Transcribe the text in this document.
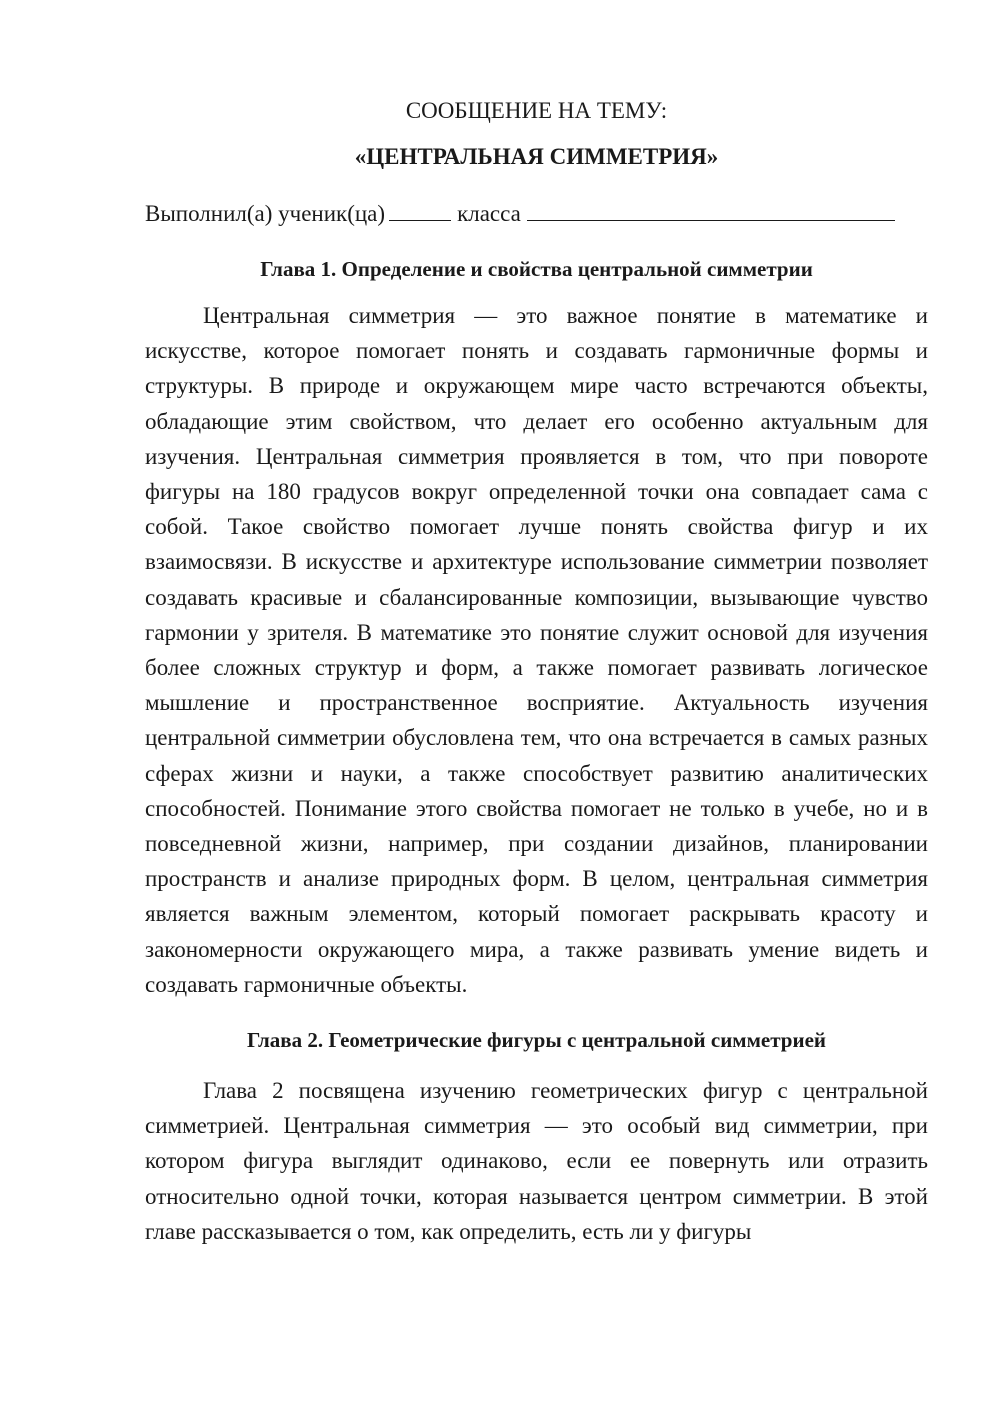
СООБЩЕНИЕ НА ТЕМУ:

«ЦЕНТРАЛЬНАЯ СИММЕТРИЯ»

Выполнил(а) ученик(ца)	класса

Глава 1. Определение и свойства центральной симметрии

Центральная симметрия — это важное понятие в математике и искусстве, которое помогает понять и создавать гармоничные формы и структуры. В природе и окружающем мире часто встречаются объекты, обладающие этим свойством, что делает его особенно актуальным для изучения. Центральная симметрия проявляется в том, что при повороте фигуры на 180 градусов вокруг определенной точки она совпадает сама с собой. Такое свойство помогает лучше понять свойства фигур и их взаимосвязи. В искусстве и архитектуре использование симметрии позволяет создавать красивые и сбалансированные композиции, вызывающие чувство гармонии у зрителя. В математике это понятие служит основой для изучения более сложных структур и форм, а также помогает развивать логическое мышление и пространственное восприятие. Актуальность изучения центральной симметрии обусловлена тем, что она встречается в самых разных сферах жизни и науки, а также способствует развитию аналитических способностей. Понимание этого свойства помогает не только в учебе, но и в повседневной жизни, например, при создании дизайнов, планировании пространств и анализе природных форм. В целом, центральная симметрия является важным элементом, который помогает раскрывать красоту и закономерности окружающего мира, а также развивать умение видеть и создавать гармоничные объекты.

Глава 2. Геометрические фигуры с центральной симметрией

Глава 2 посвящена изучению геометрических фигур с центральной симметрией. Центральная симметрия — это особый вид симметрии, при котором фигура выглядит одинаково, если ее повернуть или отразить относительно одной точки, которая называется центром симметрии. В этой главе рассказывается о том, как определить, есть ли у фигуры
